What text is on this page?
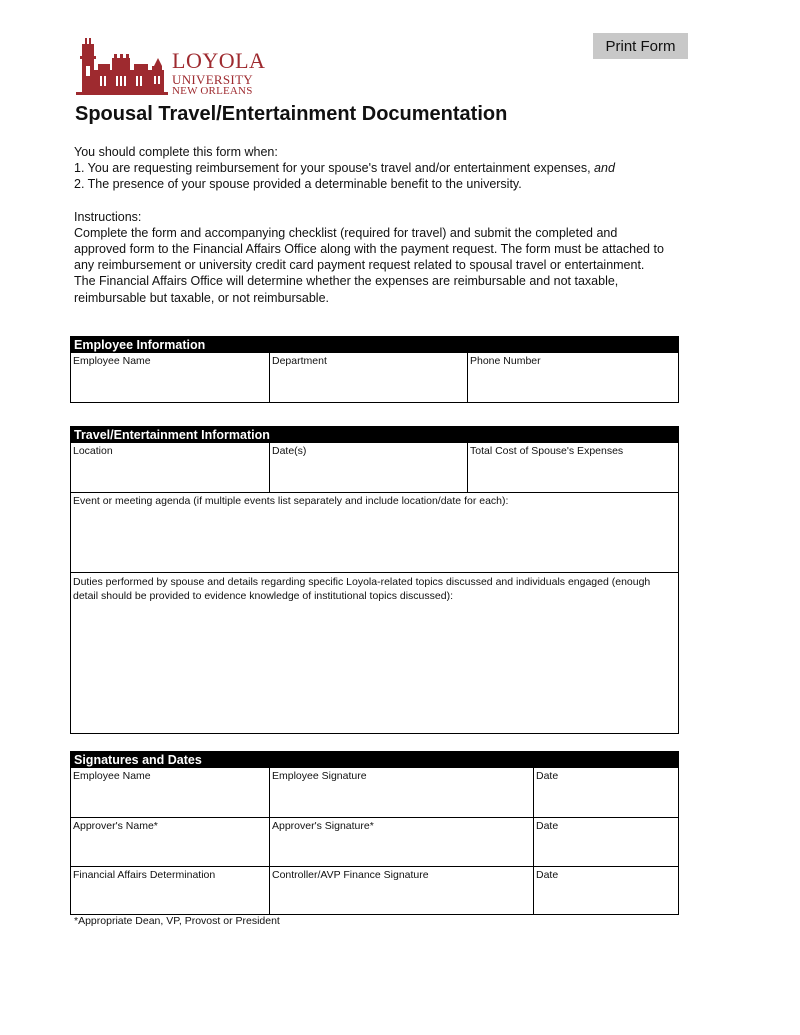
LOYOLA
UNIVERSITY
NEW ORLEANS
Print Form
Spousal Travel/Entertainment Documentation

You should complete this form when:

1. You are requesting reimbursement for your spouse's travel and/or entertainment expenses, and

2. The presence of your spouse provided a determinable benefit to the university.

Instructions:

Complete the form and accompanying checklist (required for travel) and submit the completed and approved form to the Financial Affairs Office along with the payment request. The form must be attached to any reimbursement or university credit card payment request related to spousal travel or entertainment. The Financial Affairs Office will determine whether the expenses are reimbursable and not taxable, reimbursable but taxable, or not reimbursable.

Employee Information
Employee Name	Department	Phone Number
Travel/Entertainment Information
Location	Date(s)	Total Cost of Spouse's Expenses
Event or meeting agenda (if multiple events list separately and include location/date for each):
Duties performed by spouse and details regarding specific Loyola-related topics discussed and individuals engaged (enough detail should be provided to evidence knowledge of institutional topics discussed):
Signatures and Dates
Employee Name	Employee Signature	Date
Approver's Name*	Approver's Signature*	Date
Financial Affairs Determination	Controller/AVP Finance Signature	Date
*Appropriate Dean, VP, Provost or President
